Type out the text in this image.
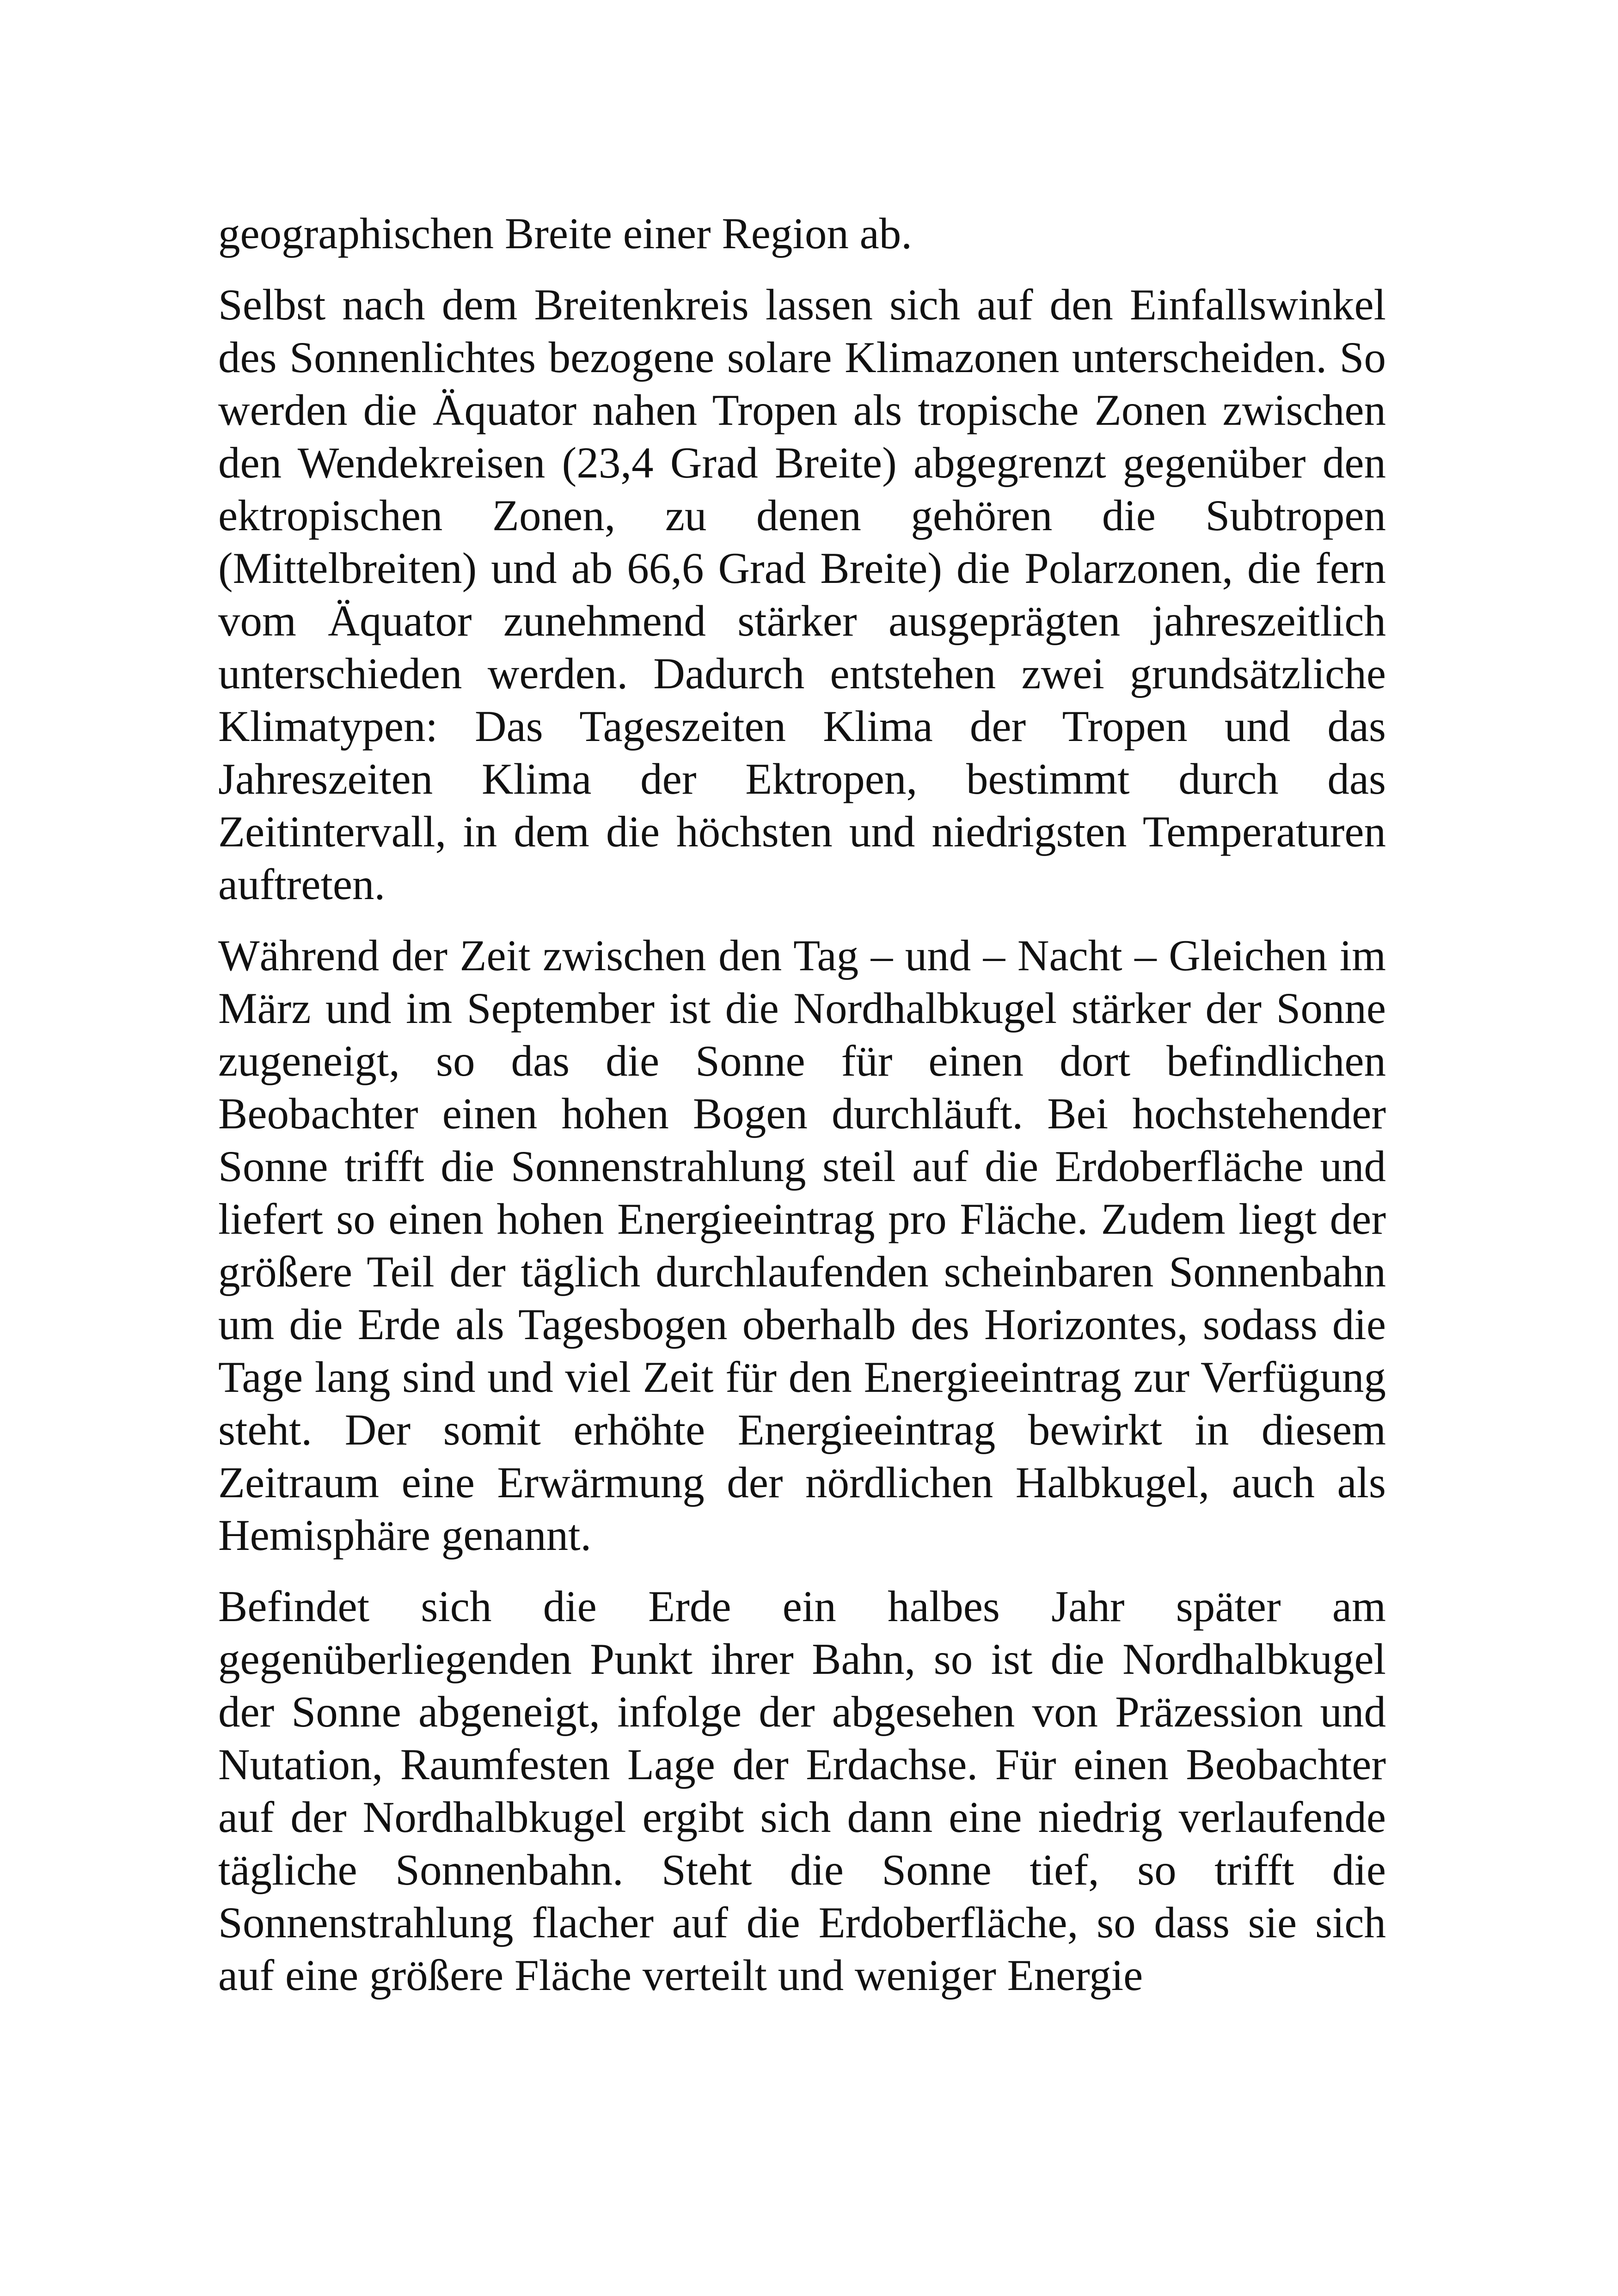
geographischen Breite einer Region ab.

Selbst nach dem Breitenkreis lassen sich auf den Einfallswinkel des Sonnenlichtes bezogene solare Klimazonen unterscheiden. So werden die Äquator nahen Tropen als tropische Zonen zwischen den Wendekreisen (23,4 Grad Breite) abgegrenzt gegenüber den ektropischen Zonen, zu denen gehören die Subtropen (Mittelbreiten) und ab 66,6 Grad Breite) die Polarzonen, die fern vom Äquator zunehmend stärker ausgeprägten jahreszeitlich unterschieden werden. Dadurch entstehen zwei grundsätzliche Klimatypen: Das Tageszeiten Klima der Tropen und das Jahreszeiten Klima der Ektropen, bestimmt durch das Zeitintervall, in dem die höchsten und niedrigsten Temperaturen auftreten.

Während der Zeit zwischen den Tag – und – Nacht – Gleichen im März und im September ist die Nordhalbkugel stärker der Sonne zugeneigt, so das die Sonne für einen dort befindlichen Beobachter einen hohen Bogen durchläuft. Bei hochstehender Sonne trifft die Sonnenstrahlung steil auf die Erdoberfläche und liefert so einen hohen Energieeintrag pro Fläche. Zudem liegt der größere Teil der täglich durchlaufenden scheinbaren Sonnenbahn um die Erde als Tagesbogen oberhalb des Horizontes, sodass die Tage lang sind und viel Zeit für den Energieeintrag zur Verfügung steht. Der somit erhöhte Energieeintrag bewirkt in diesem Zeitraum eine Erwärmung der nördlichen Halbkugel, auch als Hemisphäre genannt.

Befindet sich die Erde ein halbes Jahr später am gegenüberliegenden Punkt ihrer Bahn, so ist die Nordhalbkugel der Sonne abgeneigt, infolge der abgesehen von Präzession und Nutation, Raumfesten Lage der Erdachse. Für einen Beobachter auf der Nordhalbkugel ergibt sich dann eine niedrig verlaufende tägliche Sonnenbahn. Steht die Sonne tief, so trifft die Sonnenstrahlung flacher auf die Erdoberfläche, so dass sie sich auf eine größere Fläche verteilt und weniger Energie
